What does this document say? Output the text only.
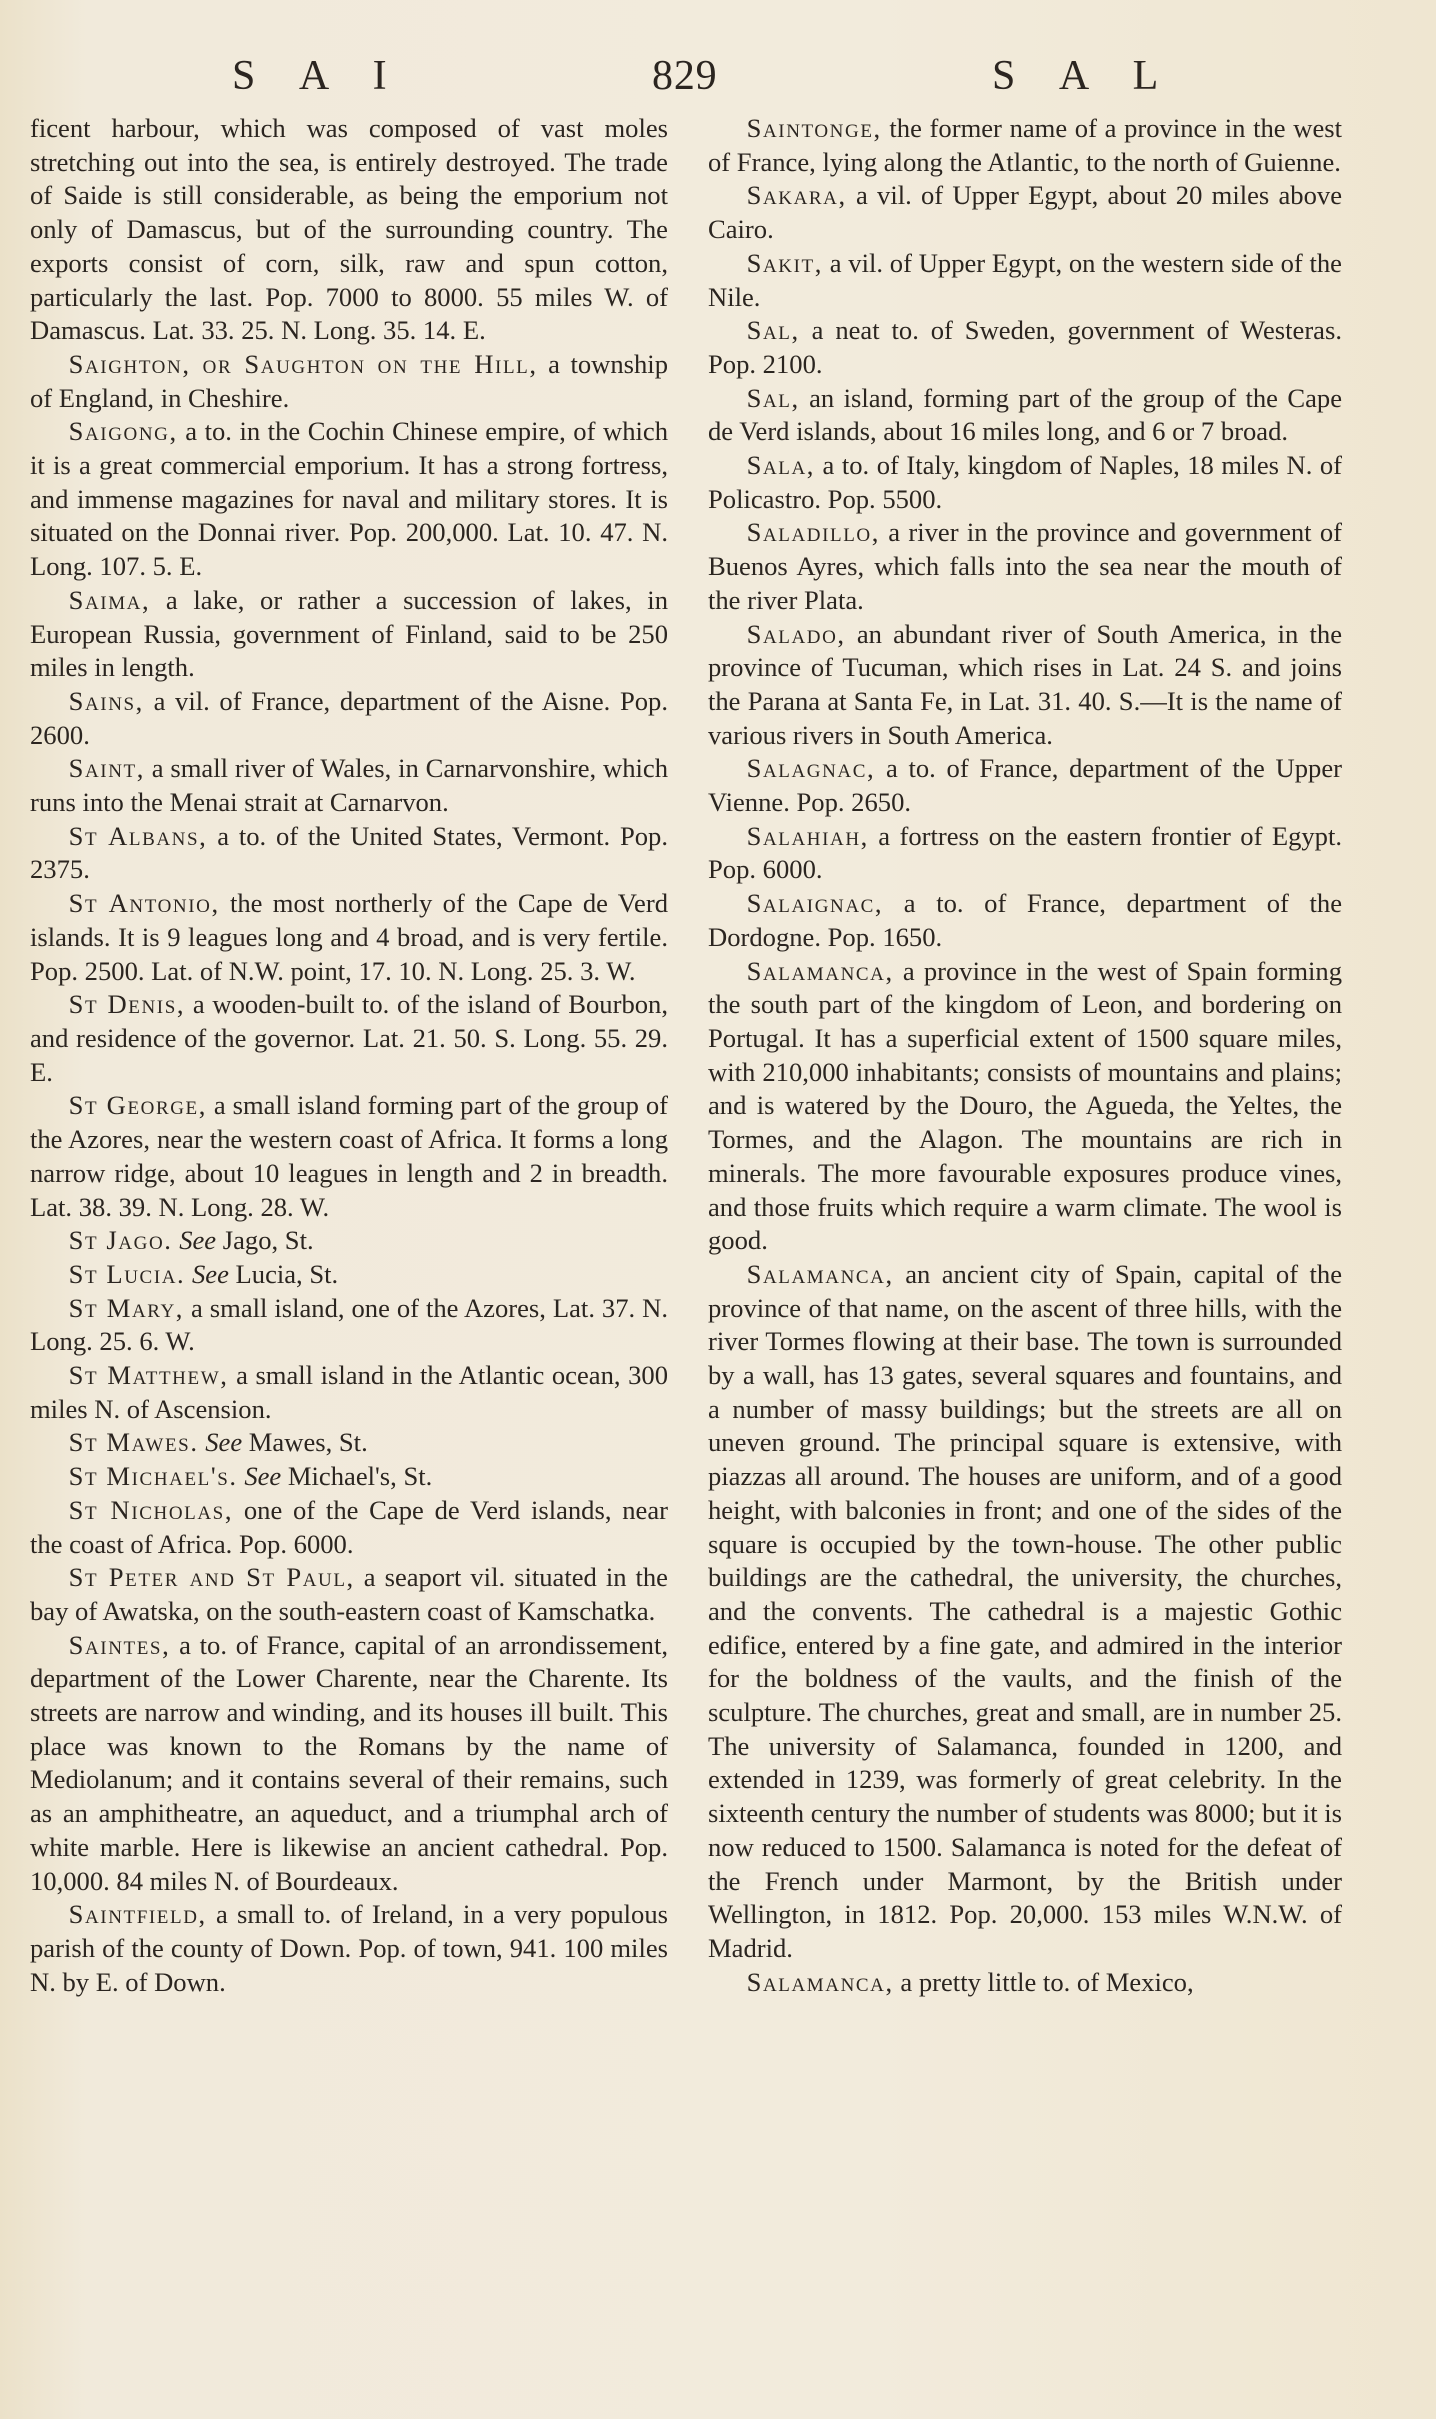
S A I	829	S A L

ficent harbour, which was composed of vast moles stretching out into the sea, is entirely destroyed. The trade of Saide is still considerable, as being the emporium not only of Damascus, but of the surrounding country. The exports consist of corn, silk, raw and spun cotton, particularly the last. Pop. 7000 to 8000. 55 miles W. of Damascus. Lat. 33. 25. N. Long. 35. 14. E.

Saighton, or Saughton on the Hill, a township of England, in Cheshire.

Saigong, a to. in the Cochin Chinese empire, of which it is a great commercial emporium. It has a strong fortress, and immense magazines for naval and military stores. It is situated on the Donnai river. Pop. 200,000. Lat. 10. 47. N. Long. 107. 5. E.

Saima, a lake, or rather a succession of lakes, in European Russia, government of Finland, said to be 250 miles in length.

Sains, a vil. of France, department of the Aisne. Pop. 2600.

Saint, a small river of Wales, in Carnarvonshire, which runs into the Menai strait at Carnarvon.

St Albans, a to. of the United States, Vermont. Pop. 2375.

St Antonio, the most northerly of the Cape de Verd islands. It is 9 leagues long and 4 broad, and is very fertile. Pop. 2500. Lat. of N.W. point, 17. 10. N. Long. 25. 3. W.

St Denis, a wooden-built to. of the island of Bourbon, and residence of the governor. Lat. 21. 50. S. Long. 55. 29. E.

St George, a small island forming part of the group of the Azores, near the western coast of Africa. It forms a long narrow ridge, about 10 leagues in length and 2 in breadth. Lat. 38. 39. N. Long. 28. W.

St Jago. See Jago, St.

St Lucia. See Lucia, St.

St Mary, a small island, one of the Azores, Lat. 37. N. Long. 25. 6. W.

St Matthew, a small island in the Atlantic ocean, 300 miles N. of Ascension.

St Mawes. See Mawes, St.

St Michael's. See Michael's, St.

St Nicholas, one of the Cape de Verd islands, near the coast of Africa. Pop. 6000.

St Peter and St Paul, a seaport vil. situated in the bay of Awatska, on the south-eastern coast of Kamschatka.

Saintes, a to. of France, capital of an arrondissement, department of the Lower Charente, near the Charente. Its streets are narrow and winding, and its houses ill built. This place was known to the Romans by the name of Mediolanum; and it contains several of their remains, such as an amphitheatre, an aqueduct, and a triumphal arch of white marble. Here is likewise an ancient cathedral. Pop. 10,000. 84 miles N. of Bourdeaux.

Saintfield, a small to. of Ireland, in a very populous parish of the county of Down. Pop. of town, 941. 100 miles N. by E. of Down.

Saintonge, the former name of a province in the west of France, lying along the Atlantic, to the north of Guienne.

Sakara, a vil. of Upper Egypt, about 20 miles above Cairo.

Sakit, a vil. of Upper Egypt, on the western side of the Nile.

Sal, a neat to. of Sweden, government of Westeras. Pop. 2100.

Sal, an island, forming part of the group of the Cape de Verd islands, about 16 miles long, and 6 or 7 broad.

Sala, a to. of Italy, kingdom of Naples, 18 miles N. of Policastro. Pop. 5500.

Saladillo, a river in the province and government of Buenos Ayres, which falls into the sea near the mouth of the river Plata.

Salado, an abundant river of South America, in the province of Tucuman, which rises in Lat. 24 S. and joins the Parana at Santa Fe, in Lat. 31. 40. S.—It is the name of various rivers in South America.

Salagnac, a to. of France, department of the Upper Vienne. Pop. 2650.

Salahiah, a fortress on the eastern frontier of Egypt. Pop. 6000.

Salaignac, a to. of France, department of the Dordogne. Pop. 1650.

Salamanca, a province in the west of Spain forming the south part of the kingdom of Leon, and bordering on Portugal. It has a superficial extent of 1500 square miles, with 210,000 inhabitants; consists of mountains and plains; and is watered by the Douro, the Agueda, the Yeltes, the Tormes, and the Alagon. The mountains are rich in minerals. The more favourable exposures produce vines, and those fruits which require a warm climate. The wool is good.

Salamanca, an ancient city of Spain, capital of the province of that name, on the ascent of three hills, with the river Tormes flowing at their base. The town is surrounded by a wall, has 13 gates, several squares and fountains, and a number of massy buildings; but the streets are all on uneven ground. The principal square is extensive, with piazzas all around. The houses are uniform, and of a good height, with balconies in front; and one of the sides of the square is occupied by the town-house. The other public buildings are the cathedral, the university, the churches, and the convents. The cathedral is a majestic Gothic edifice, entered by a fine gate, and admired in the interior for the boldness of the vaults, and the finish of the sculpture. The churches, great and small, are in number 25. The university of Salamanca, founded in 1200, and extended in 1239, was formerly of great celebrity. In the sixteenth century the number of students was 8000; but it is now reduced to 1500. Salamanca is noted for the defeat of the French under Marmont, by the British under Wellington, in 1812. Pop. 20,000. 153 miles W.N.W. of Madrid.

Salamanca, a pretty little to. of Mexico,
